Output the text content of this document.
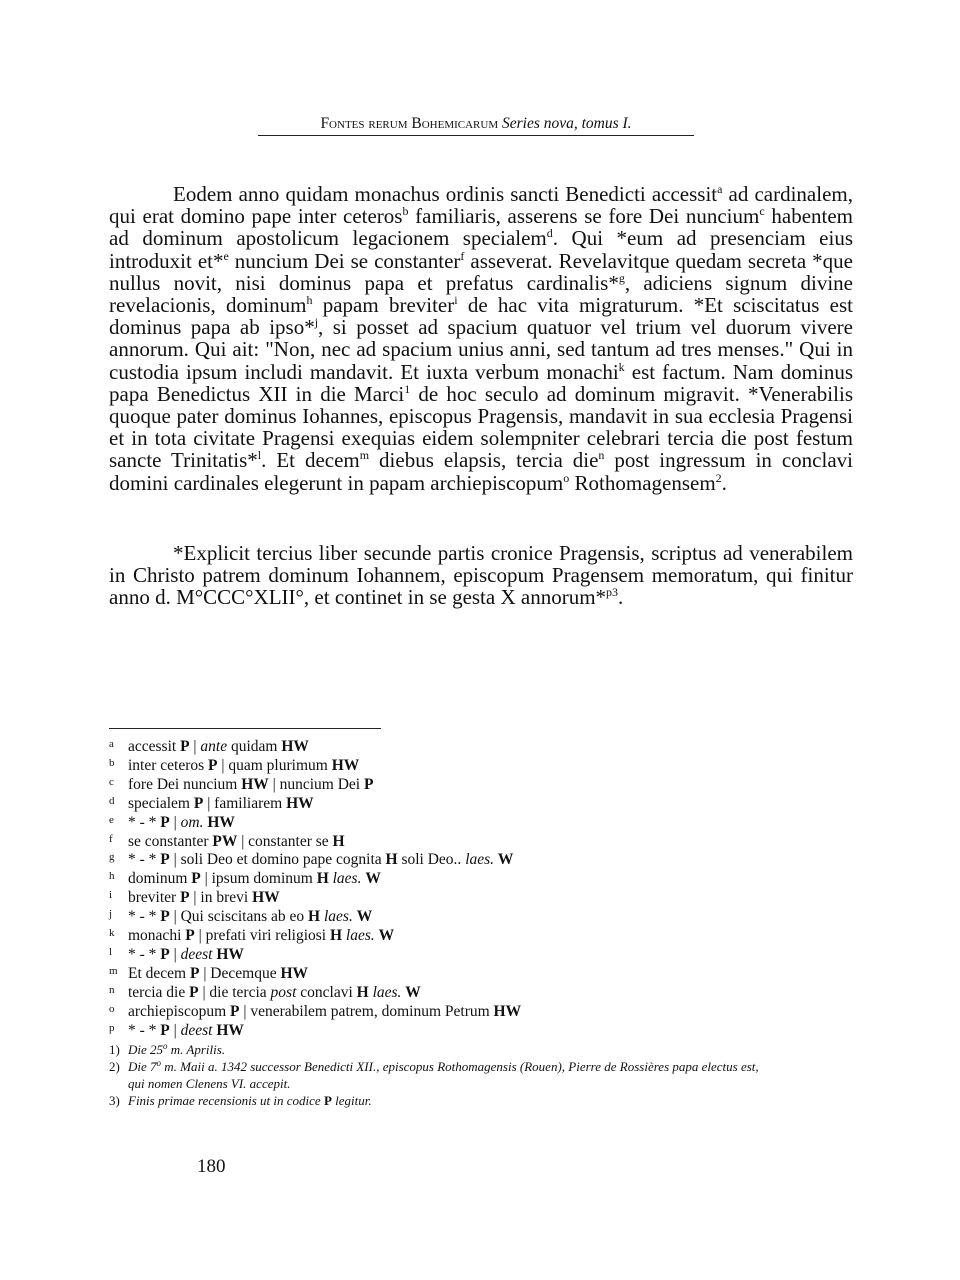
Fontes rerum Bohemicarum Series nova, tomus I.

Eodem anno quidam monachus ordinis sancti Benedicti accessit$^a$ ad cardinalem, qui erat domino pape inter ceteros$^b$ familiaris, asserens se fore Dei nuncium$^c$ habentem ad dominum apostolicum legacionem specialem$^d$. Qui *eum ad presenciam eius introduxit et*$^e$ nuncium Dei se constanter$^f$ asseverat. Revelavitque quedam secreta *que nullus novit, nisi dominus papa et prefatus cardinalis*$^g$, adiciens signum divine revelacionis, dominum$^h$ papam breviter$^i$ de hac vita migraturum. *Et sciscitatus est dominus papa ab ipso*$^j$, si posset ad spacium quatuor vel trium vel duorum vivere annorum. Qui ait: "Non, nec ad spacium unius anni, sed tantum ad tres menses." Qui in custodia ipsum includi mandavit. Et iuxta verbum monachi$^k$ est factum. Nam dominus papa Benedictus XII in die Marci$^1$ de hoc seculo ad dominum migravit. *Venerabilis quoque pater dominus Iohannes, episcopus Pragensis, mandavit in sua ecclesia Pragensi et in tota civitate Pragensi exequias eidem solempniter celebrari tercia die post festum sancte Trinitatis*$^l$. Et decem$^m$ diebus elapsis, tercia die$^n$ post ingressum in conclavi domini cardinales elegerunt in papam archiepiscopum$^o$ Rothomagensem$^2$.

*Explicit tercius liber secunde partis cronice Pragensis, scriptus ad venerabilem in Christo patrem dominum Iohannem, episcopum Pragensem memoratum, qui finitur anno d. M°CCC°XLII°, et continet in se gesta X annorum*$^{p3}$.

a accessit P | ante quidam HW
b inter ceteros P | quam plurimum HW
c fore Dei nuncium HW | nuncium Dei P
d specialem P | familiarem HW
e * - * P | om. HW
f se constanter PW | constanter se H
g * - * P | soli Deo et domino pape cognita H soli Deo.. laes. W
h dominum P | ipsum dominum H laes. W
i breviter P | in brevi HW
j * - * P | Qui sciscitans ab eo H laes. W
k monachi P | prefati viri religiosi H laes. W
l * - * P | deest HW
m Et decem P | Decemque HW
n tercia die P | die tercia post conclavi H laes. W
o archiepiscopum P | venerabilem patrem, dominum Petrum HW
p * - * P | deest HW
1) Die 25$^o$ m. Aprilis.
2) Die 7$^o$ m. Maii a. 1342 successor Benedicti XII., episcopus Rothomagensis (Rouen), Pierre de Rossières papa electus est,
qui nomen Clenens VI. accepit.
3) Finis primae recensionis ut in codice P legitur.
180
